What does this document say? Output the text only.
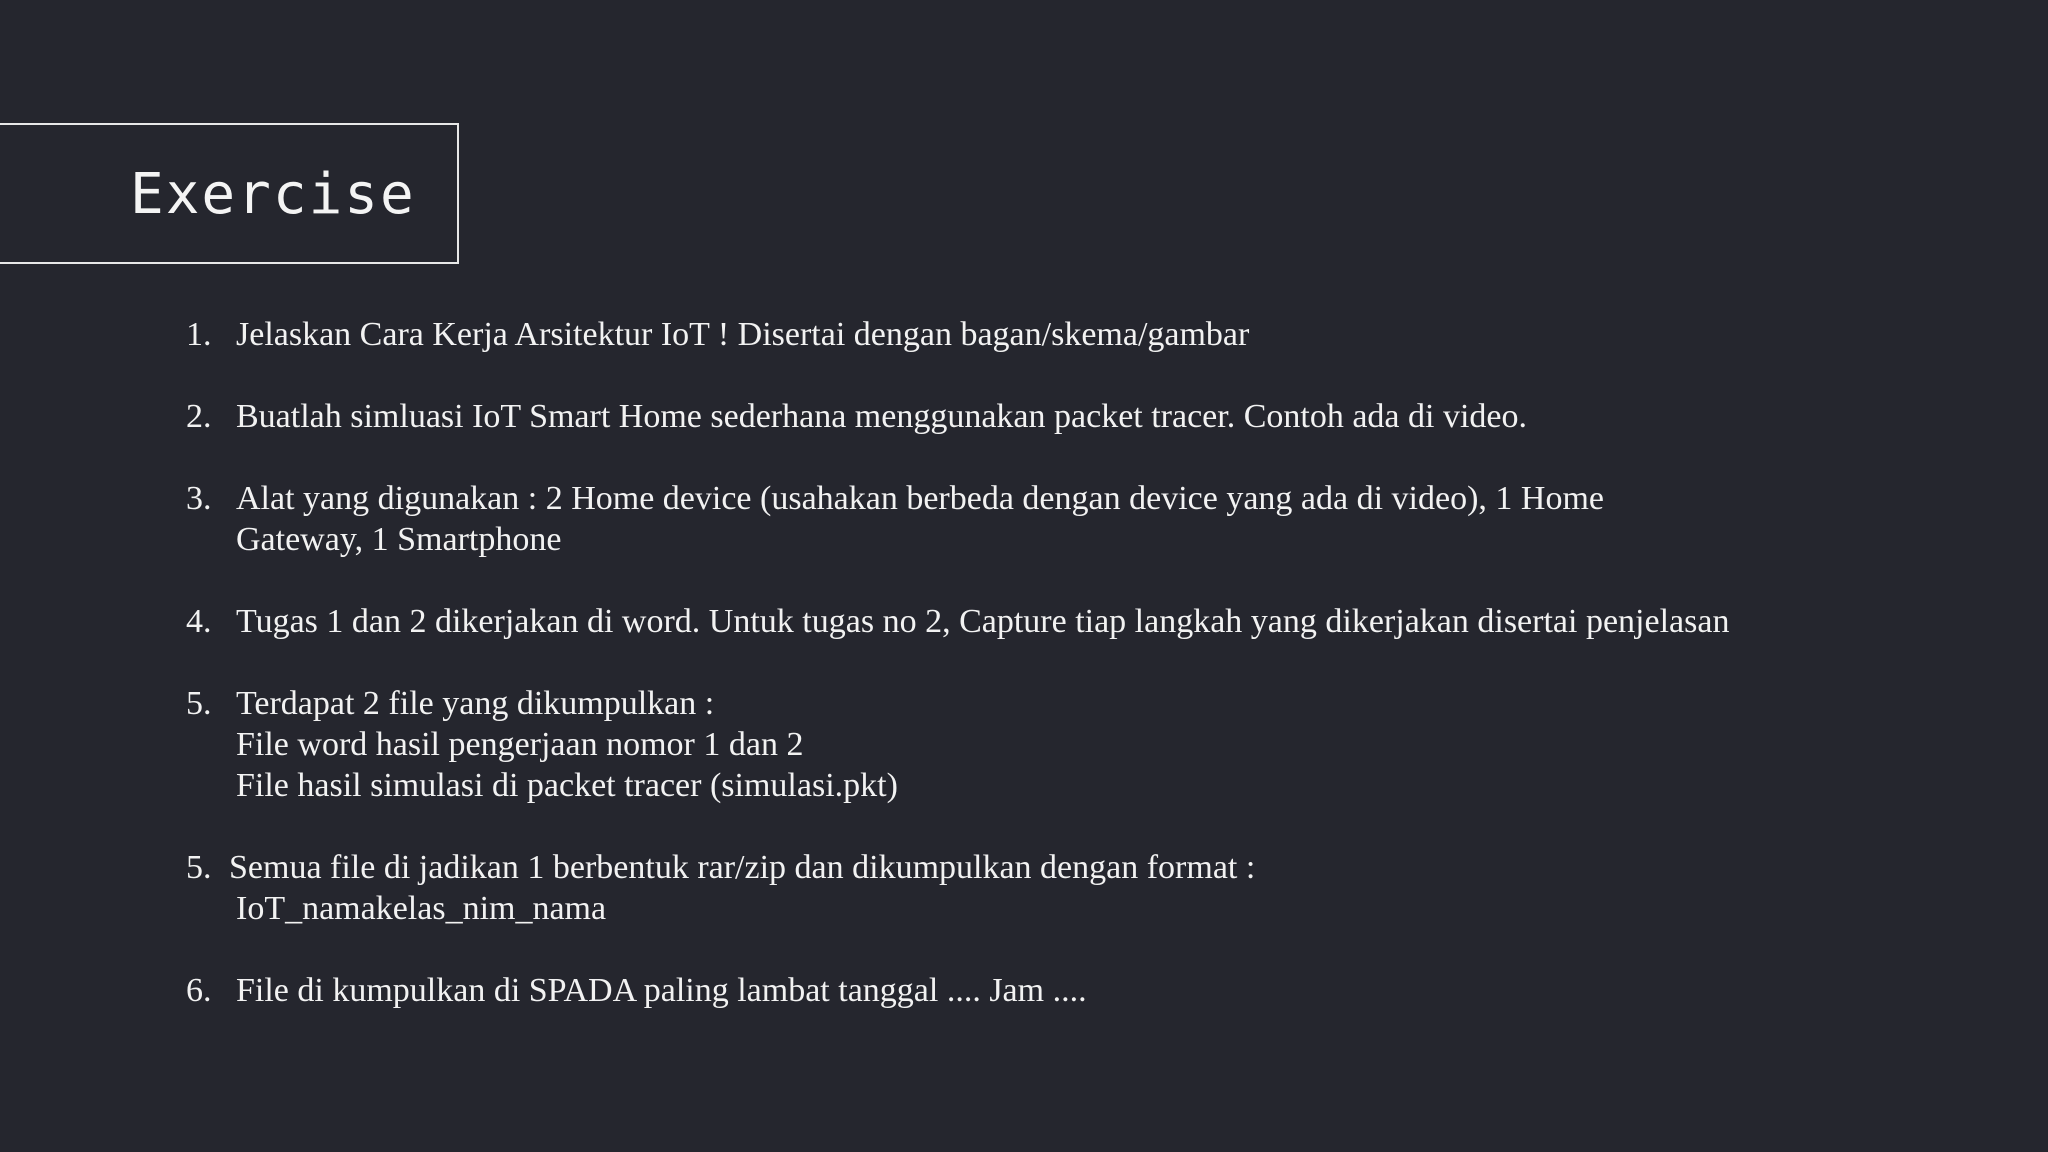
Exercise
1. Jelaskan Cara Kerja Arsitektur IoT ! Disertai dengan bagan/skema/gambar
2. Buatlah simluasi IoT Smart Home sederhana menggunakan packet tracer. Contoh ada di video.
3. Alat yang digunakan : 2 Home device (usahakan berbeda dengan device yang ada di video), 1 Home
Gateway, 1 Smartphone
4. Tugas 1 dan 2 dikerjakan di word. Untuk tugas no 2, Capture tiap langkah yang dikerjakan disertai penjelasan
5. Terdapat 2 file yang dikumpulkan :
File word hasil pengerjaan nomor 1 dan 2
File hasil simulasi di packet tracer (simulasi.pkt)
5. Semua file di jadikan 1 berbentuk rar/zip dan dikumpulkan dengan format :
IoT_namakelas_nim_nama
6. File di kumpulkan di SPADA paling lambat tanggal .... Jam ....
